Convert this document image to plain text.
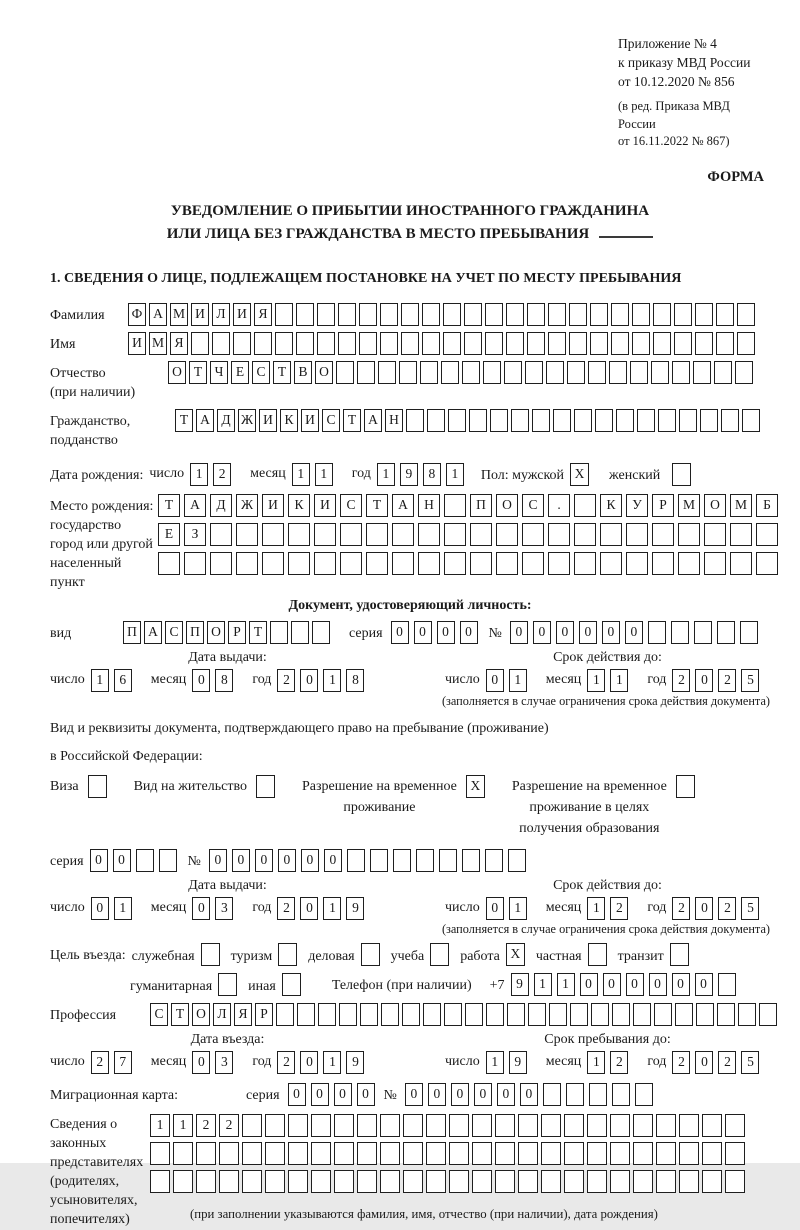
Приложение № 4
к приказу МВД России
от 10.12.2020 № 856
(в ред. Приказа МВД России
от 16.11.2022 № 867)
ФОРМА
УВЕДОМЛЕНИЕ О ПРИБЫТИИ ИНОСТРАННОГО ГРАЖДАНИНА
ИЛИ ЛИЦА БЕЗ ГРАЖДАНСТВА В МЕСТО ПРЕБЫВАНИЯ
1. СВЕДЕНИЯ О ЛИЦЕ, ПОДЛЕЖАЩЕМ ПОСТАНОВКЕ НА УЧЕТ ПО МЕСТУ ПРЕБЫВАНИЯ
Фамилия	Ф А М И Л И Я
Имя	И М Я
Отчество
(при наличии)
О Т Ч Е С Т В О
Гражданство,
подданство
Т А Д Ж И К И С Т А Н
Дата рождения: число 1 2 месяц 1 1 год 1 9 8 1	Пол: мужской X	женский
Место рождения:
государство
город или другой
населенный пункт
Т А Д Ж И К И С Т А Н	П О С .	К У Р М О М Б
Е З
Документ, удостоверяющий личность:
вид	П А С П О Р Т	серия	0 0 0 0	№	0 0 0 0 0 0
Дата выдачи:
число 1 6 месяц 0 8 год 2 0 1 8
Срок действия до:
число 0 1 месяц 1 1 год 2 0 2 5
(заполняется в случае ограничения срока действия документа)
Вид и реквизиты документа, подтверждающего право на пребывание (проживание)
в Российской Федерации:
Виза	Вид на жительство	Разрешение на временное
проживание
X	Разрешение на временное
проживание в целях
получения образования
серия 0 0	№	0 0 0 0 0 0
Дата выдачи:
число 0 1 месяц 0 3 год 2 0 1 9
Срок действия до:
число 0 1 месяц 1 2 год 2 0 2 5
(заполняется в случае ограничения срока действия документа)
Цель въезда: служебная	туризм	деловая	учеба	работа X частная	транзит
гуманитарная	иная	Телефон (при наличии) +7 9 1 1 0 0 0 0 0 0
Профессия	С Т О Л Я Р
Дата въезда:
число 2 7 месяц 0 3 год 2 0 1 9
Срок пребывания до:
число 1 9 месяц 1 2 год 2 0 2 5
Миграционная карта:	серия	0 0 0 0	№	0 0 0 0 0 0
Сведения о
законных
представителях
(родителях,
усыновителях,
попечителях)
1 1 2 2
(при заполнении указываются фамилия, имя, отчество (при наличии), дата рождения)
